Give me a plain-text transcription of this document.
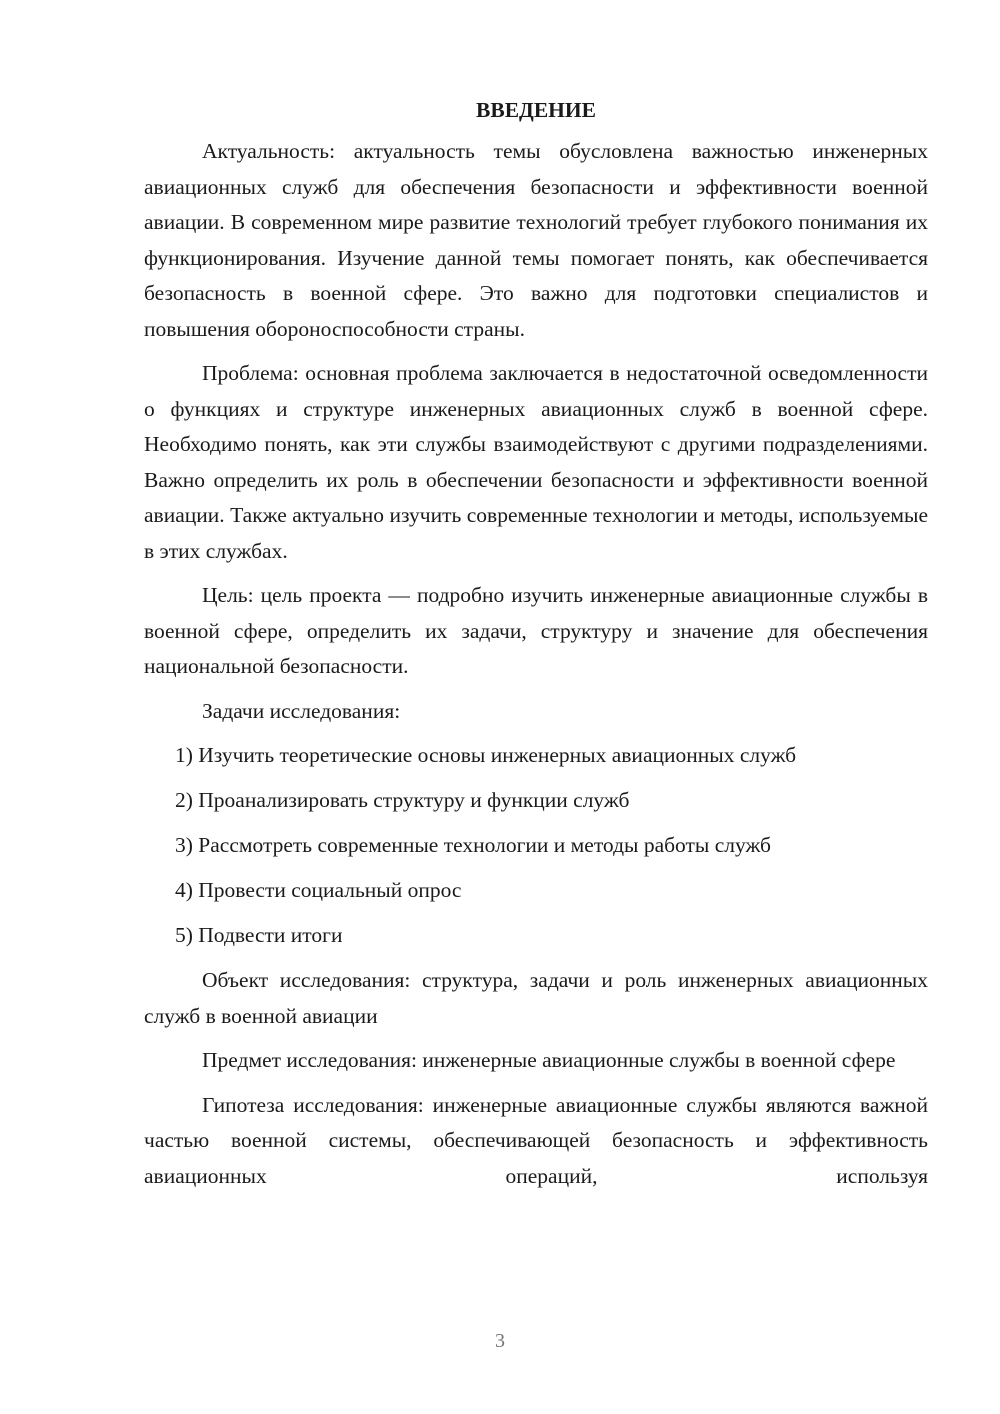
ВВЕДЕНИЕ

Актуальность: актуальность темы обусловлена важностью инженерных авиационных служб для обеспечения безопасности и эффективности военной авиации. В современном мире развитие технологий требует глубокого понимания их функционирования. Изучение данной темы помогает понять, как обеспечивается безопасность в военной сфере. Это важно для подготовки специалистов и повышения обороноспособности страны.

Проблема: основная проблема заключается в недостаточной осведомленности о функциях и структуре инженерных авиационных служб в военной сфере. Необходимо понять, как эти службы взаимодействуют с другими подразделениями. Важно определить их роль в обеспечении безопасности и эффективности военной авиации. Также актуально изучить современные технологии и методы, используемые в этих службах.

Цель: цель проекта — подробно изучить инженерные авиационные службы в военной сфере, определить их задачи, структуру и значение для обеспечения национальной безопасности.

Задачи исследования:

1) Изучить теоретические основы инженерных авиационных служб

2) Проанализировать структуру и функции служб

3) Рассмотреть современные технологии и методы работы служб

4) Провести социальный опрос

5) Подвести итоги

Объект исследования: структура, задачи и роль инженерных авиационных служб в военной авиации

Предмет исследования: инженерные авиационные службы в военной сфере

Гипотеза исследования: инженерные авиационные службы являются важной частью военной системы, обеспечивающей безопасность и эффективность авиационных операций, используя

3
